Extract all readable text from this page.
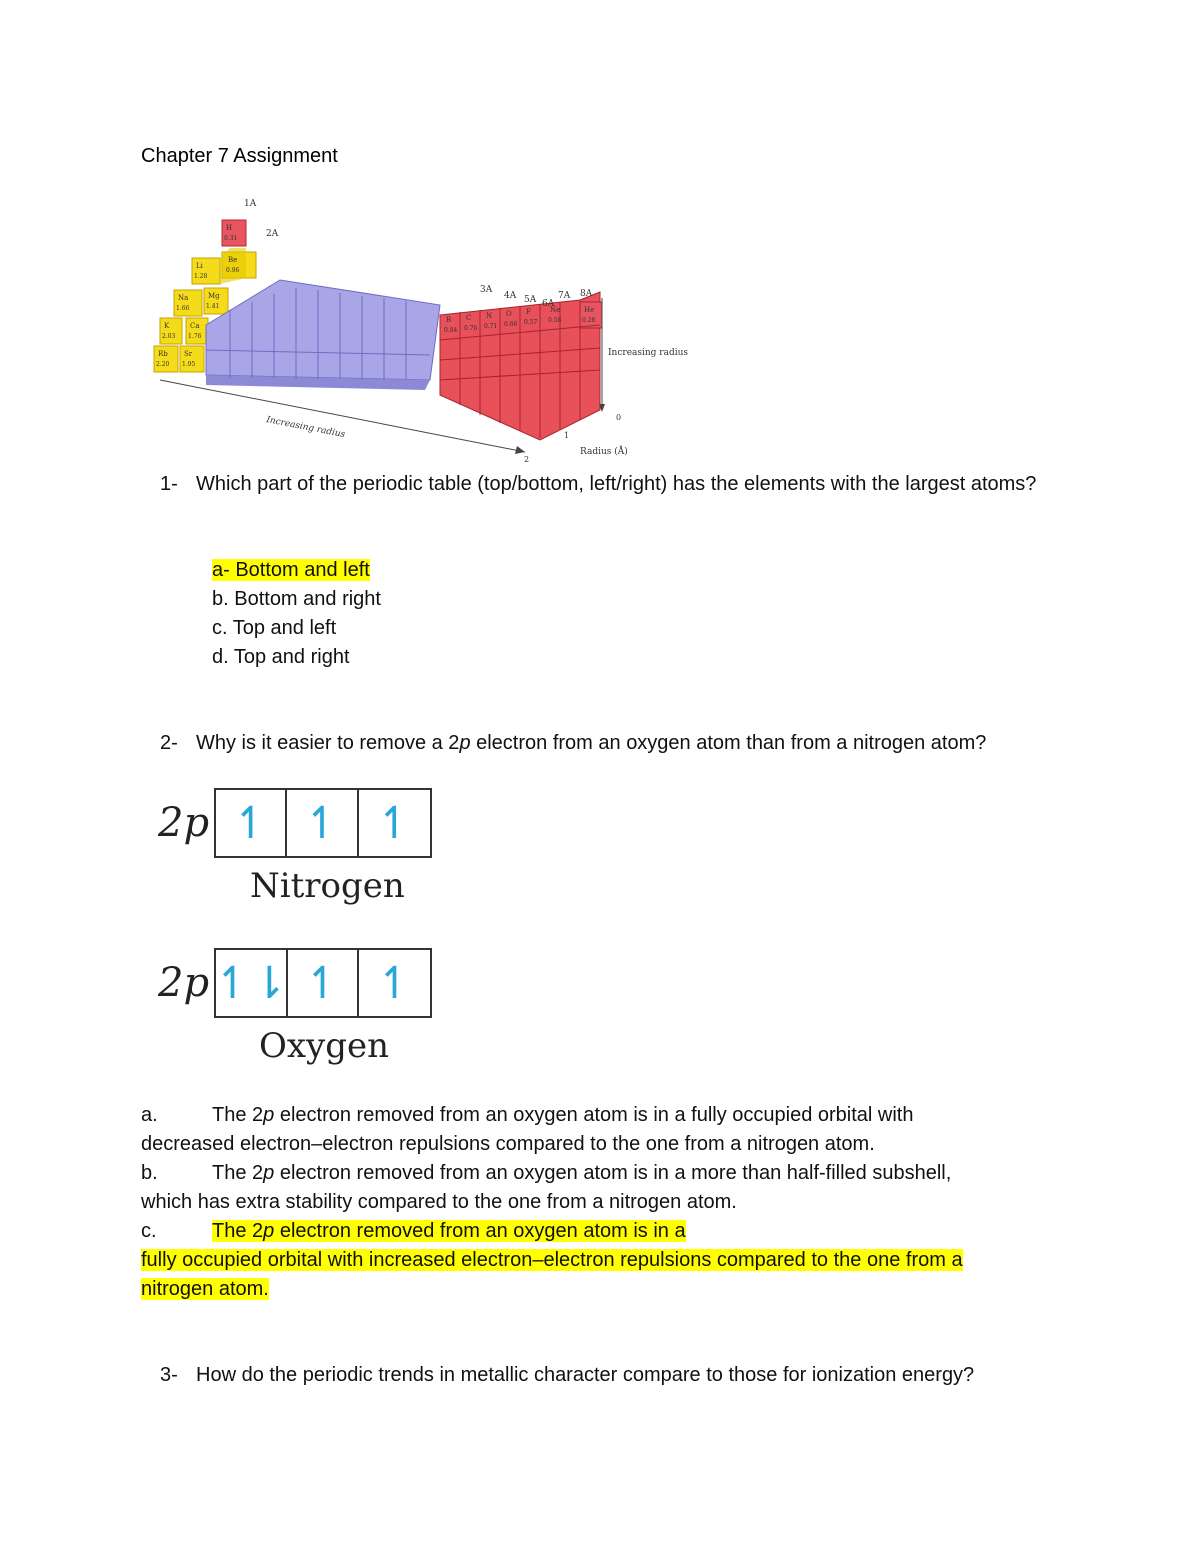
Chapter 7 Assignment
1A
2A
3A
4A 5A 6A
7A 8A
H
0.31
Li
1.28
Be
0.96
Na
1.66
Mg
1.41
K
2.03
Ca
1.76
Rb
2.20
Sr
1.95
He
0.28
B
0.84
C
0.76
N
0.71
O
0.66
F
0.57
Ne
0.58
Increasing radius
0
1
2
Radius (Å)
Increasing radius
1- Which part of the periodic table (top/bottom, left/right) has the elements with the largest atoms?
a- Bottom and left
b. Bottom and right
c. Top and left
d. Top and right
2- Why is it easier to remove a 2p electron from an oxygen atom than from a nitrogen atom?
2p ↿ ↿ ↿
Nitrogen
2p ↿⇂ ↿ ↿
Oxygen
a.	The 2p electron removed from an oxygen atom is in a fully occupied orbital with
decreased electron–electron repulsions compared to the one from a nitrogen atom.
b.	The 2p electron removed from an oxygen atom is in a more than half-filled subshell,
which has extra stability compared to the one from a nitrogen atom.
c.	The 2p electron removed from an oxygen atom is in a
fully occupied orbital with increased electron–electron repulsions compared to the one from a
nitrogen atom.
3- How do the periodic trends in metallic character compare to those for ionization energy?
